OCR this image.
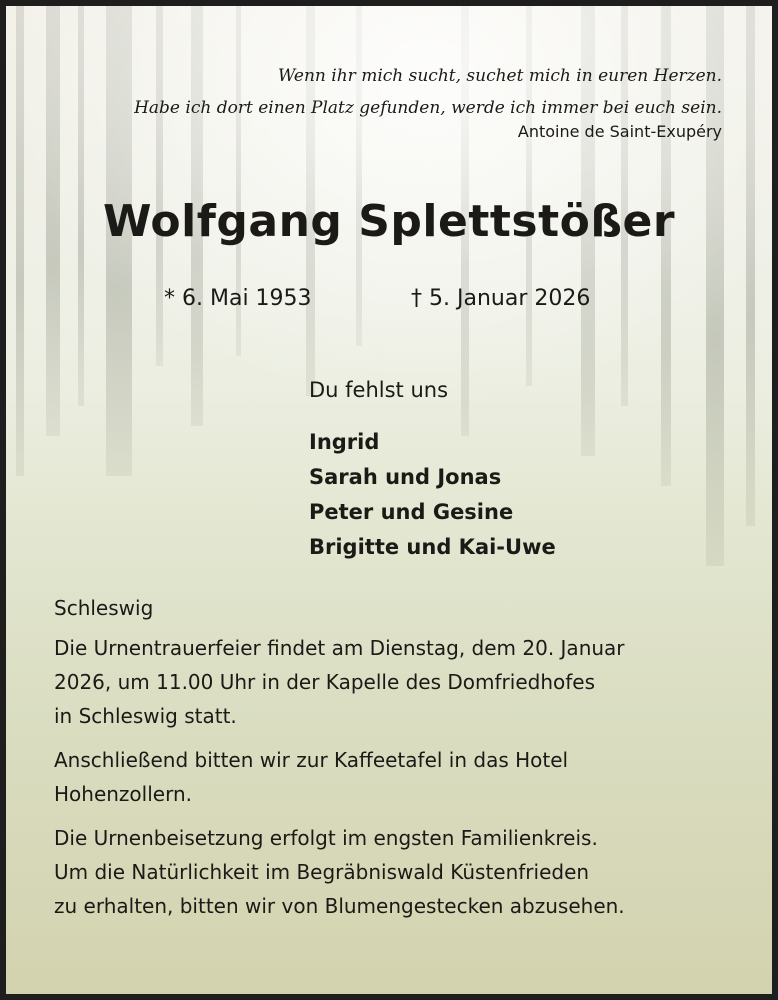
Wenn ihr mich sucht, suchet mich in euren Herzen.
Habe ich dort einen Platz gefunden, werde ich immer bei euch sein.
Antoine de Saint-Exupéry
Wolfgang Splettstößer
* 6. Mai 1953	† 5. Januar 2026
Du fehlst uns
Ingrid
Sarah und Jonas
Peter und Gesine
Brigitte und Kai-Uwe

Schleswig

Die Urnentrauerfeier findet am Dienstag, dem 20. Januar
2026, um 11.00 Uhr in der Kapelle des Domfriedhofes
in Schleswig statt.

Anschließend bitten wir zur Kaffeetafel in das Hotel
Hohenzollern.

Die Urnenbeisetzung erfolgt im engsten Familienkreis.
Um die Natürlichkeit im Begräbniswald Küstenfrieden
zu erhalten, bitten wir von Blumengestecken abzusehen.
